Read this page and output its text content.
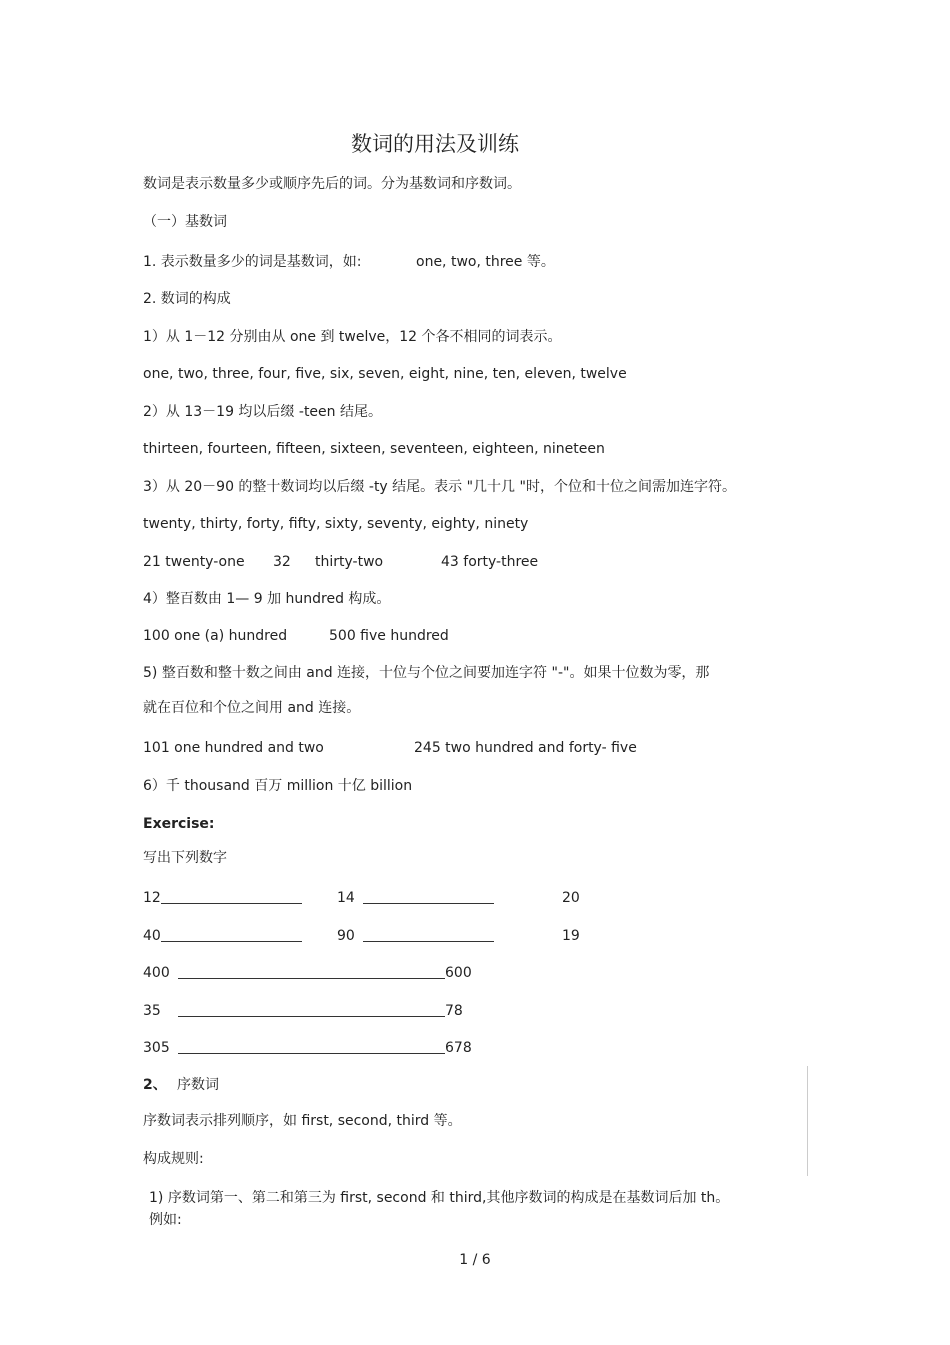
数词的用法及训练
数词是表示数量多少或顺序先后的词。分为基数词和序数词。
（一）基数词
1. 表示数量多少的词是基数词，如:	one, two, three 等。
2. 数词的构成
1）从 1－12 分别由从 one 到 twelve，12 个各不相同的词表示。
one, two, three, four, five, six, seven, eight, nine, ten, eleven, twelve
2）从 13－19 均以后缀 -teen 结尾。
thirteen, fourteen, fifteen, sixteen, seventeen, eighteen, nineteen
3）从 20－90 的整十数词均以后缀 -ty 结尾。表示 "几十几 "时，个位和十位之间需加连字符。
twenty, thirty, forty, fifty, sixty, seventy, eighty, ninety
21 twenty-one 32 thirty-two	43 forty-three
4）整百数由 1— 9 加 hundred 构成。
100 one (a) hundred	500 five hundred
5) 整百数和整十数之间由 and 连接，十位与个位之间要加连字符 "-"。如果十位数为零，那
就在百位和个位之间用 and 连接。
101 one hundred and two	245 two hundred and forty- five
6）千 thousand 百万 million 十亿 billion
Exercise:
写出下列数字
12	14	20
40	90	19
400	600
35	78
305	678
2、 序数词
序数词表示排列顺序，如 first, second, third 等。
构成规则:
1) 序数词第一、第二和第三为 first, second 和 third,其他序数词的构成是在基数词后加 th。
例如:
1 / 6
